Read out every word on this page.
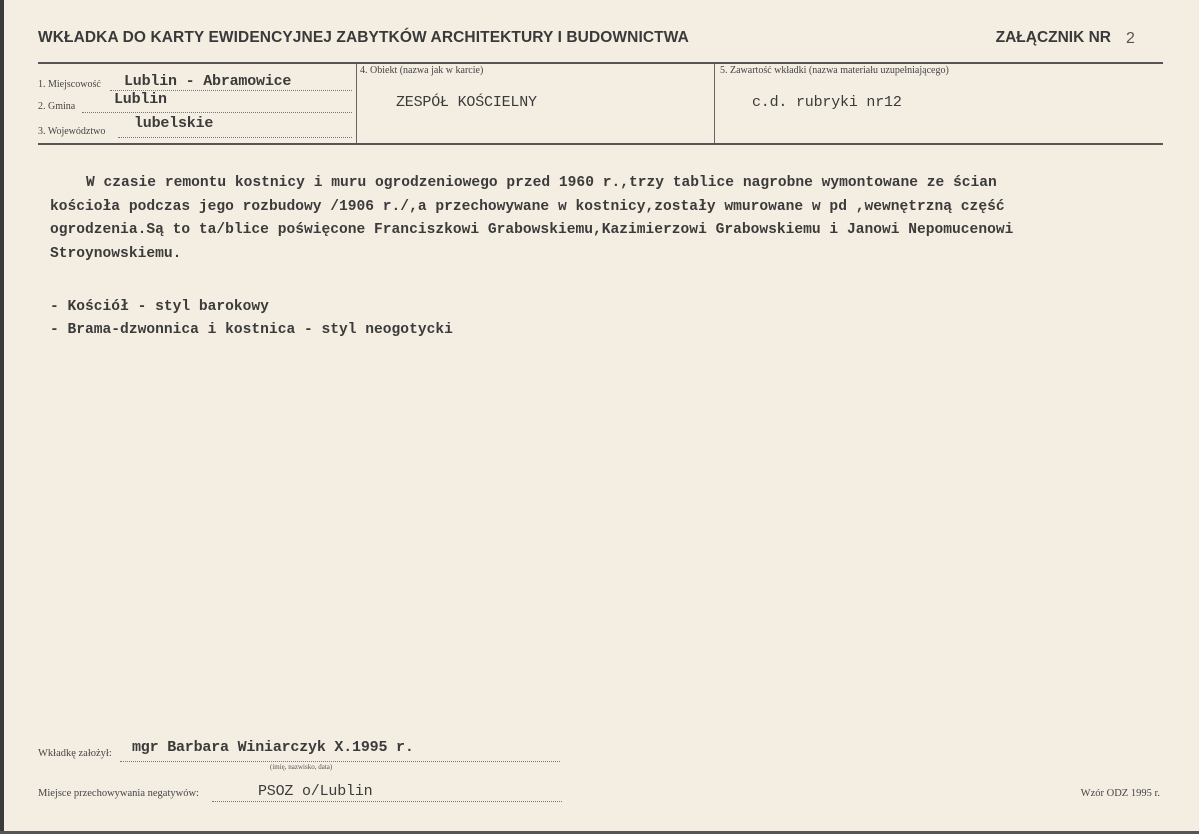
WKŁADKA DO KARTY EWIDENCYJNEJ ZABYTKÓW ARCHITEKTURY I BUDOWNICTWA	ZAŁĄCZNIK NR 2
1. Miejscowość Lublin - Abramowice
2. Gmina	Lublin
3. Województwo lubelskie
4. Obiekt (nazwa jak w karcie)
ZESPÓŁ KOŚCIELNY
5. Zawartość wkładki (nazwa materiału uzupełniającego)
c.d. rubryki nr12
W czasie remontu kostnicy i muru ogrodzeniowego przed 1960 r.,trzy tablice nagrobne wymontowane ze ścian
kościoła podczas jego rozbudowy /1906 r./,a przechowywane w kostnicy,zostały wmurowane w pd ,wewnętrzną część
ogrodzenia.Są to ta/blice poświęcone Franciszkowi Grabowskiemu,Kazimierzowi Grabowskiemu i Janowi Nepomucenowi
Stroynowskiemu.
- Kościół - styl barokowy
- Brama-dzwonnica i kostnica - styl neogotycki
Wkładkę założył: mgr Barbara Winiarczyk X.1995 r.
(imię, nazwisko, data)
Miejsce przechowywania negatywów:	PSOZ o/Lublin	Wzór ODZ 1995 r.
